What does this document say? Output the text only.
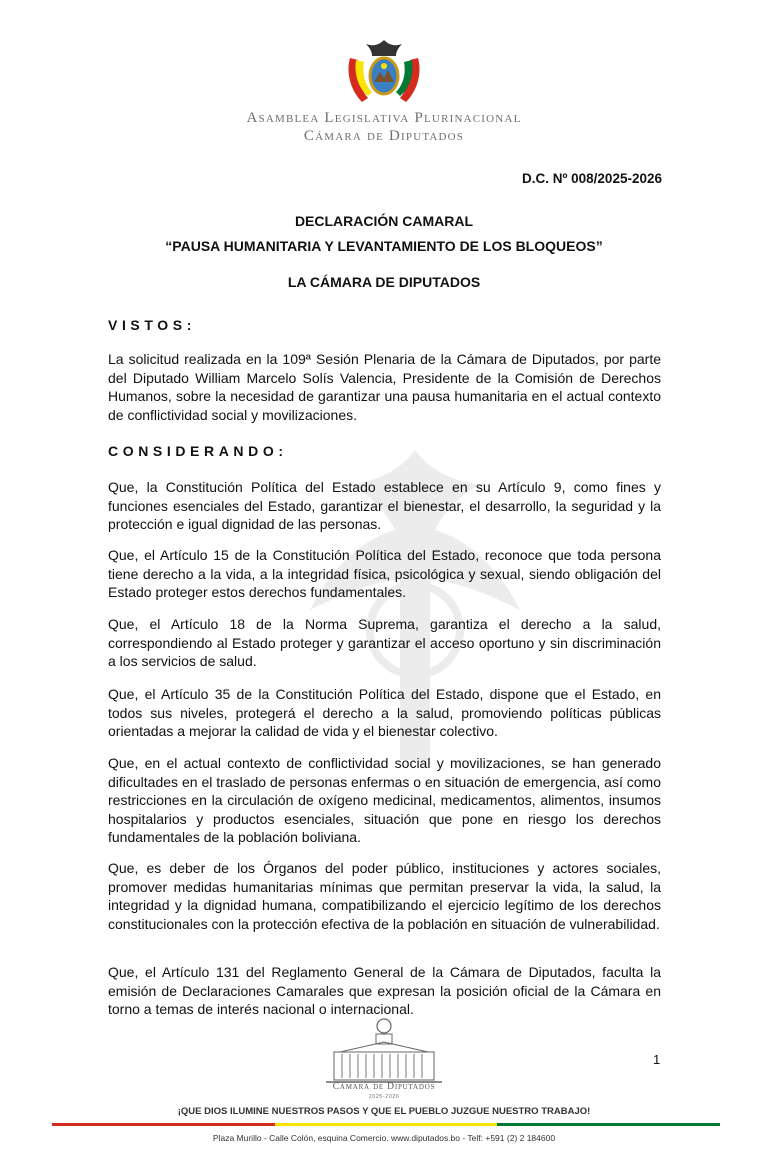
Asamblea Legislativa Plurinacional
Cámara de Diputados
D.C. Nº 008/2025-2026
DECLARACIÓN CAMARAL
“PAUSA HUMANITARIA Y LEVANTAMIENTO DE LOS BLOQUEOS”
LA CÁMARA DE DIPUTADOS
VISTOS:

La solicitud realizada en la 109ª Sesión Plenaria de la Cámara de Diputados, por parte del Diputado William Marcelo Solís Valencia, Presidente de la Comisión de Derechos Humanos, sobre la necesidad de garantizar una pausa humanitaria en el actual contexto de conflictividad social y movilizaciones.

CONSIDERANDO:

Que, la Constitución Política del Estado establece en su Artículo 9, como fines y funciones esenciales del Estado, garantizar el bienestar, el desarrollo, la seguridad y la protección e igual dignidad de las personas.

Que, el Artículo 15 de la Constitución Política del Estado, reconoce que toda persona tiene derecho a la vida, a la integridad física, psicológica y sexual, siendo obligación del Estado proteger estos derechos fundamentales.

Que, el Artículo 18 de la Norma Suprema, garantiza el derecho a la salud, correspondiendo al Estado proteger y garantizar el acceso oportuno y sin discriminación a los servicios de salud.

Que, el Artículo 35 de la Constitución Política del Estado, dispone que el Estado, en todos sus niveles, protegerá el derecho a la salud, promoviendo políticas públicas orientadas a mejorar la calidad de vida y el bienestar colectivo.

Que, en el actual contexto de conflictividad social y movilizaciones, se han generado dificultades en el traslado de personas enfermas o en situación de emergencia, así como restricciones en la circulación de oxígeno medicinal, medicamentos, alimentos, insumos hospitalarios y productos esenciales, situación que pone en riesgo los derechos fundamentales de la población boliviana.

Que, es deber de los Órganos del poder público, instituciones y actores sociales, promover medidas humanitarias mínimas que permitan preservar la vida, la salud, la integridad y la dignidad humana, compatibilizando el ejercicio legítimo de los derechos constitucionales con la protección efectiva de la población en situación de vulnerabilidad.

Que, el Artículo 131 del Reglamento General de la Cámara de Diputados, faculta la emisión de Declaraciones Camarales que expresan la posición oficial de la Cámara en torno a temas de interés nacional o internacional.

Cámara de Diputados
2025-2026
1
¡QUE DIOS ILUMINE NUESTROS PASOS Y QUE EL PUEBLO JUZGUE NUESTRO TRABAJO!
Plaza Murillo - Calle Colón, esquina Comercio. www.diputados.bo - Telf: +591 (2) 2 184600
